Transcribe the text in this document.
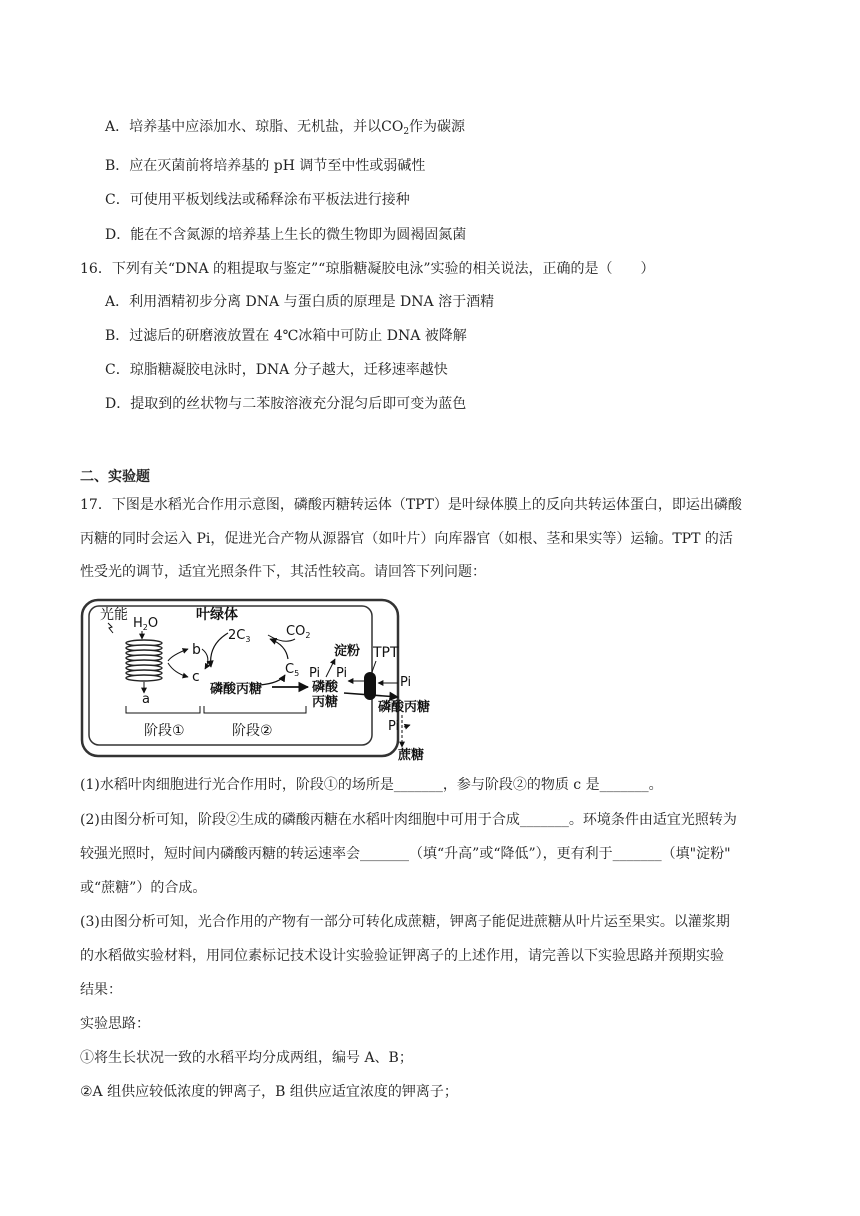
A．培养基中应添加水、琼脂、无机盐，并以$CO_2$作为碳源
B．应在灭菌前将培养基的 pH 调节至中性或弱碱性
C．可使用平板划线法或稀释涂布平板法进行接种
D．能在不含氮源的培养基上生长的微生物即为圆褐固氮菌
16．下列有关“DNA 的粗提取与鉴定”“琼脂糖凝胶电泳”实验的相关说法，正确的是（　　）
A．利用酒精初步分离 DNA 与蛋白质的原理是 DNA 溶于酒精
B．过滤后的研磨液放置在 4℃冰箱中可防止 DNA 被降解
C．琼脂糖凝胶电泳时，DNA 分子越大，迁移速率越快
D．提取到的丝状物与二苯胺溶液充分混匀后即可变为蓝色
二、实验题
17．下图是水稻光合作用示意图，磷酸丙糖转运体（TPT）是叶绿体膜上的反向共转运体蛋白，即运出磷酸
丙糖的同时会运入 Pi，促进光合产物从源器官（如叶片）向库器官（如根、茎和果实等）运输。TPT 的活
性受光的调节，适宜光照条件下，其活性较高。请回答下列问题：
光能
$H_2O$
叶绿体
b
c
$2C_3$
$CO_2$
$C_5$
磷酸丙糖	磷酸
丙糖
淀粉
Pi Pi
TPT
Pi
磷酸丙糖
Pi
蔗糖
a
阶段①	阶段②
(1)水稻叶肉细胞进行光合作用时，阶段①的场所是_______，参与阶段②的物质 c 是_______。
(2)由图分析可知，阶段②生成的磷酸丙糖在水稻叶肉细胞中可用于合成_______。环境条件由适宜光照转为
较强光照时，短时间内磷酸丙糖的转运速率会_______（填“升高”或“降低”），更有利于_______（填"淀粉"
或“蔗糖”）的合成。
(3)由图分析可知，光合作用的产物有一部分可转化成蔗糖，钾离子能促进蔗糖从叶片运至果实。以灌浆期
的水稻做实验材料，用同位素标记技术设计实验验证钾离子的上述作用，请完善以下实验思路并预期实验
结果：
实验思路：
①将生长状况一致的水稻平均分成两组，编号 A、B；
②A 组供应较低浓度的钾离子，B 组供应适宜浓度的钾离子；
